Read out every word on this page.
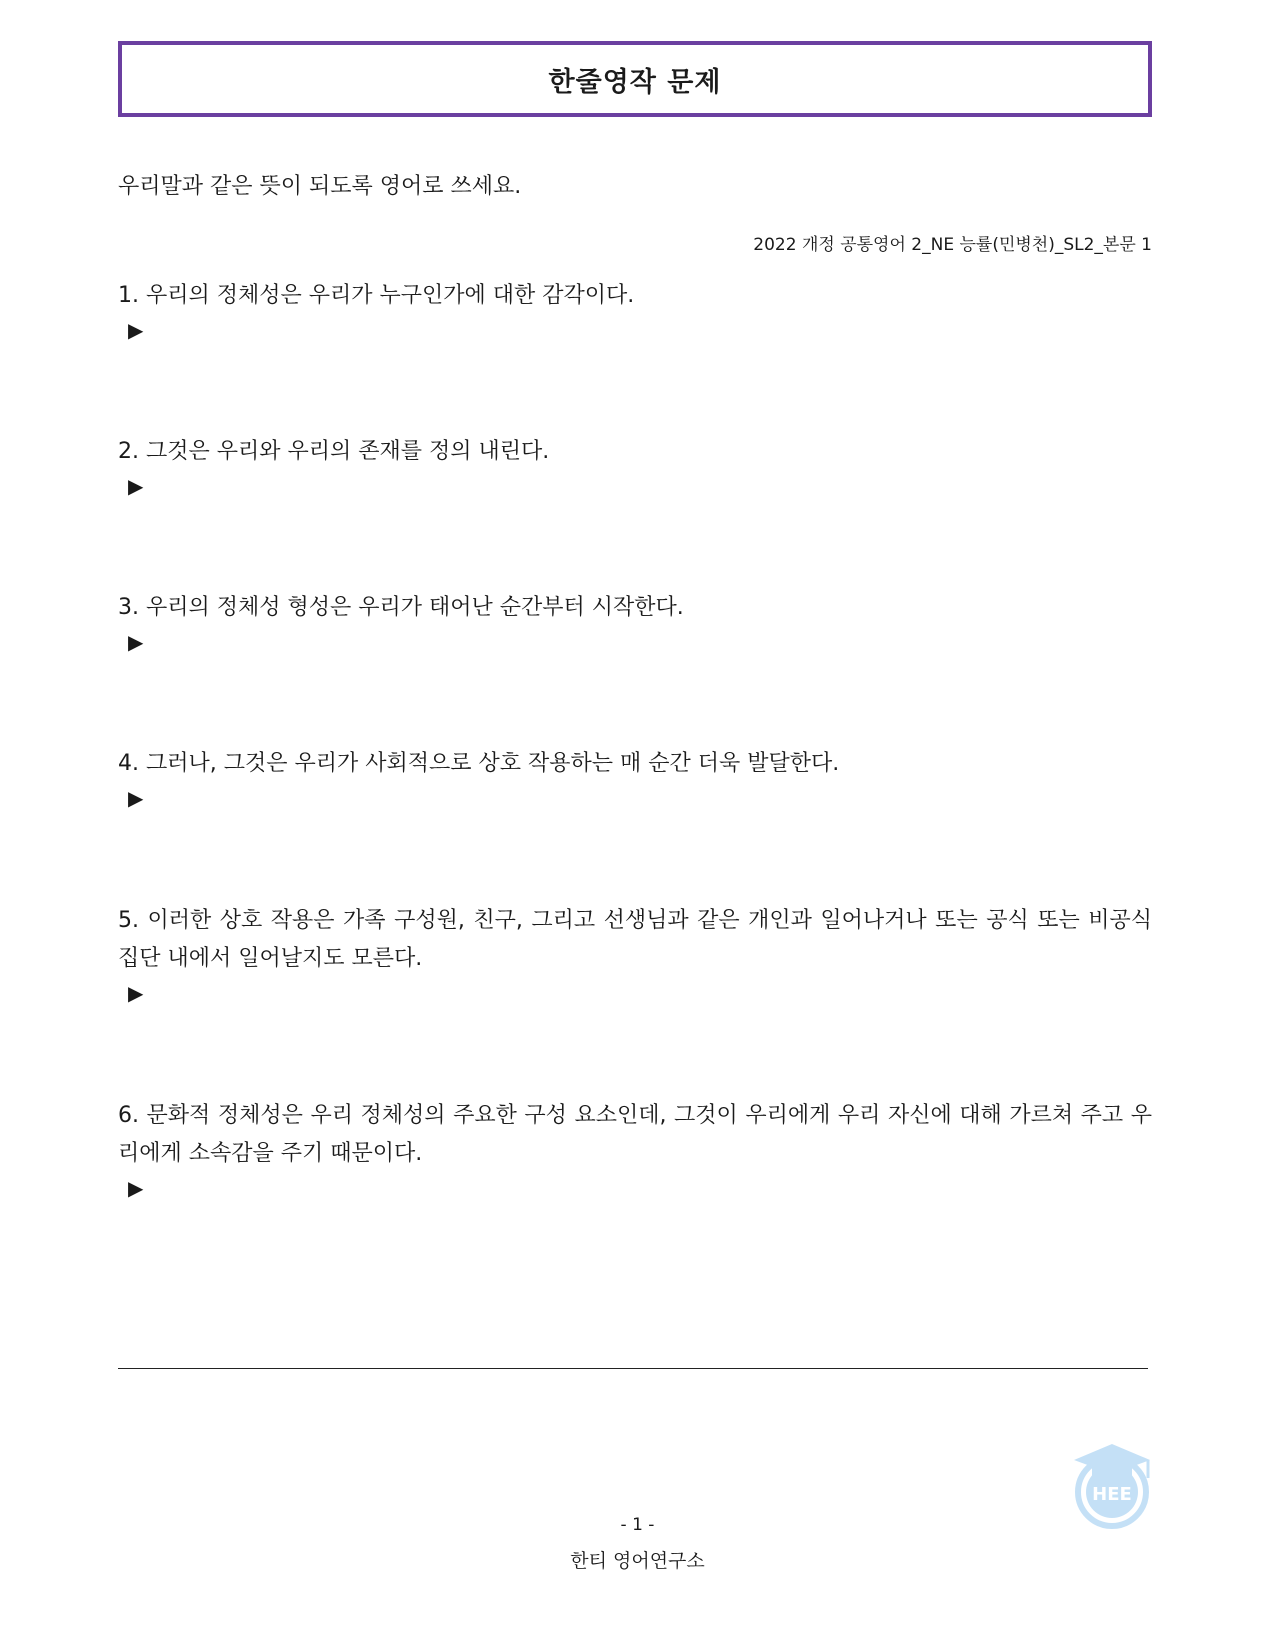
한줄영작 문제
우리말과 같은 뜻이 되도록 영어로 쓰세요.
2022 개정 공통영어 2_NE 능률(민병천)_SL2_본문 1
1. 우리의 정체성은 우리가 누구인가에 대한 감각이다.
▶
2. 그것은 우리와 우리의 존재를 정의 내린다.
▶
3. 우리의 정체성 형성은 우리가 태어난 순간부터 시작한다.
▶
4. 그러나, 그것은 우리가 사회적으로 상호 작용하는 매 순간 더욱 발달한다.
▶
5. 이러한 상호 작용은 가족 구성원, 친구, 그리고 선생님과 같은 개인과 일어나거나 또는 공식 또는 비공식 집단 내에서 일어날지도 모른다.
▶
6. 문화적 정체성은 우리 정체성의 주요한 구성 요소인데, 그것이 우리에게 우리 자신에 대해 가르쳐 주고 우리에게 소속감을 주기 때문이다.
▶
- 1 -
한티 영어연구소
HEE
